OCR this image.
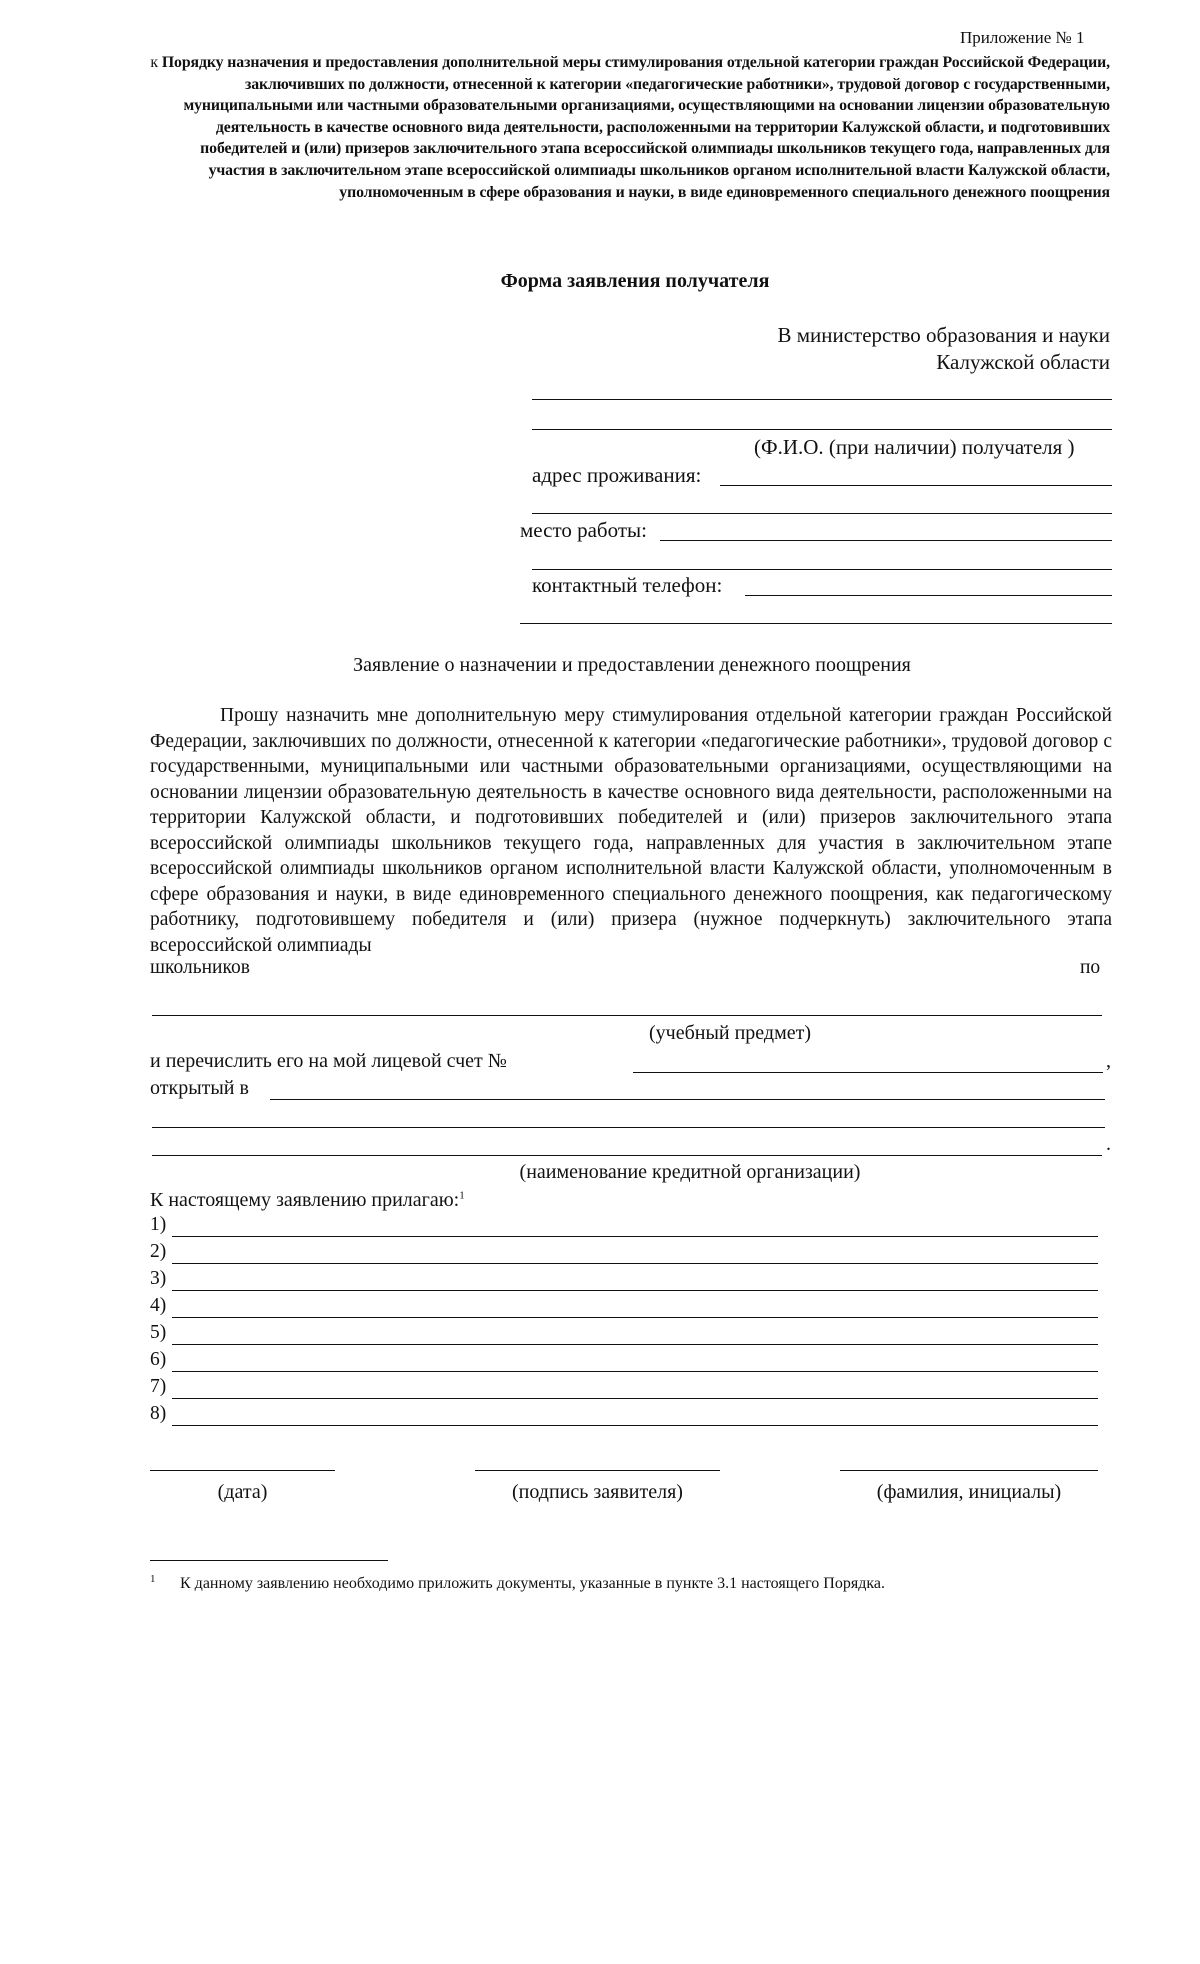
Приложение № 1
к Порядку назначения и предоставления дополнительной меры стимулирования отдельной категории граждан Российской Федерации, заключивших по должности, отнесенной к категории «педагогические работники», трудовой договор с государственными, муниципальными или частными образовательными организациями, осуществляющими на основании лицензии образовательную деятельность в качестве основного вида деятельности, расположенными на территории Калужской области, и подготовивших победителей и (или) призеров заключительного этапа всероссийской олимпиады школьников текущего года, направленных для участия в заключительном этапе всероссийской олимпиады школьников органом исполнительной власти Калужской области, уполномоченным в сфере образования и науки, в виде единовременного специального денежного поощрения
Форма заявления получателя
В министерство образования и науки
Калужской области
(Ф.И.О. (при наличии) получателя )
адрес проживания:
место работы:
контактный телефон:
Заявление о назначении и предоставлении денежного поощрения
Прошу назначить мне дополнительную меру стимулирования отдельной категории граждан Российской Федерации, заключивших по должности, отнесенной к категории «педагогические работники», трудовой договор с государственными, муниципальными или частными образовательными организациями, осуществляющими на основании лицензии образовательную деятельность в качестве основного вида деятельности, расположенными на территории Калужской области, и подготовивших победителей и (или) призеров заключительного этапа всероссийской олимпиады школьников текущего года, направленных для участия в заключительном этапе всероссийской олимпиады школьников органом исполнительной власти Калужской области, уполномоченным в сфере образования и науки, в виде единовременного специального денежного поощрения, как педагогическому работнику, подготовившему победителя и (или) призера (нужное подчеркнуть) заключительного этапа всероссийской олимпиады
школьников	по
(учебный предмет)
и перечислить его на мой лицевой счет №	,
открытый в
.
(наименование кредитной организации)
К настоящему заявлению прилагаю:$^1$
1)
2)
3)
4)
5)
6)
7)
8)
(дата)	(подпись заявителя)	(фамилия, инициалы)
1 К данному заявлению необходимо приложить документы, указанные в пункте 3.1 настоящего Порядка.
